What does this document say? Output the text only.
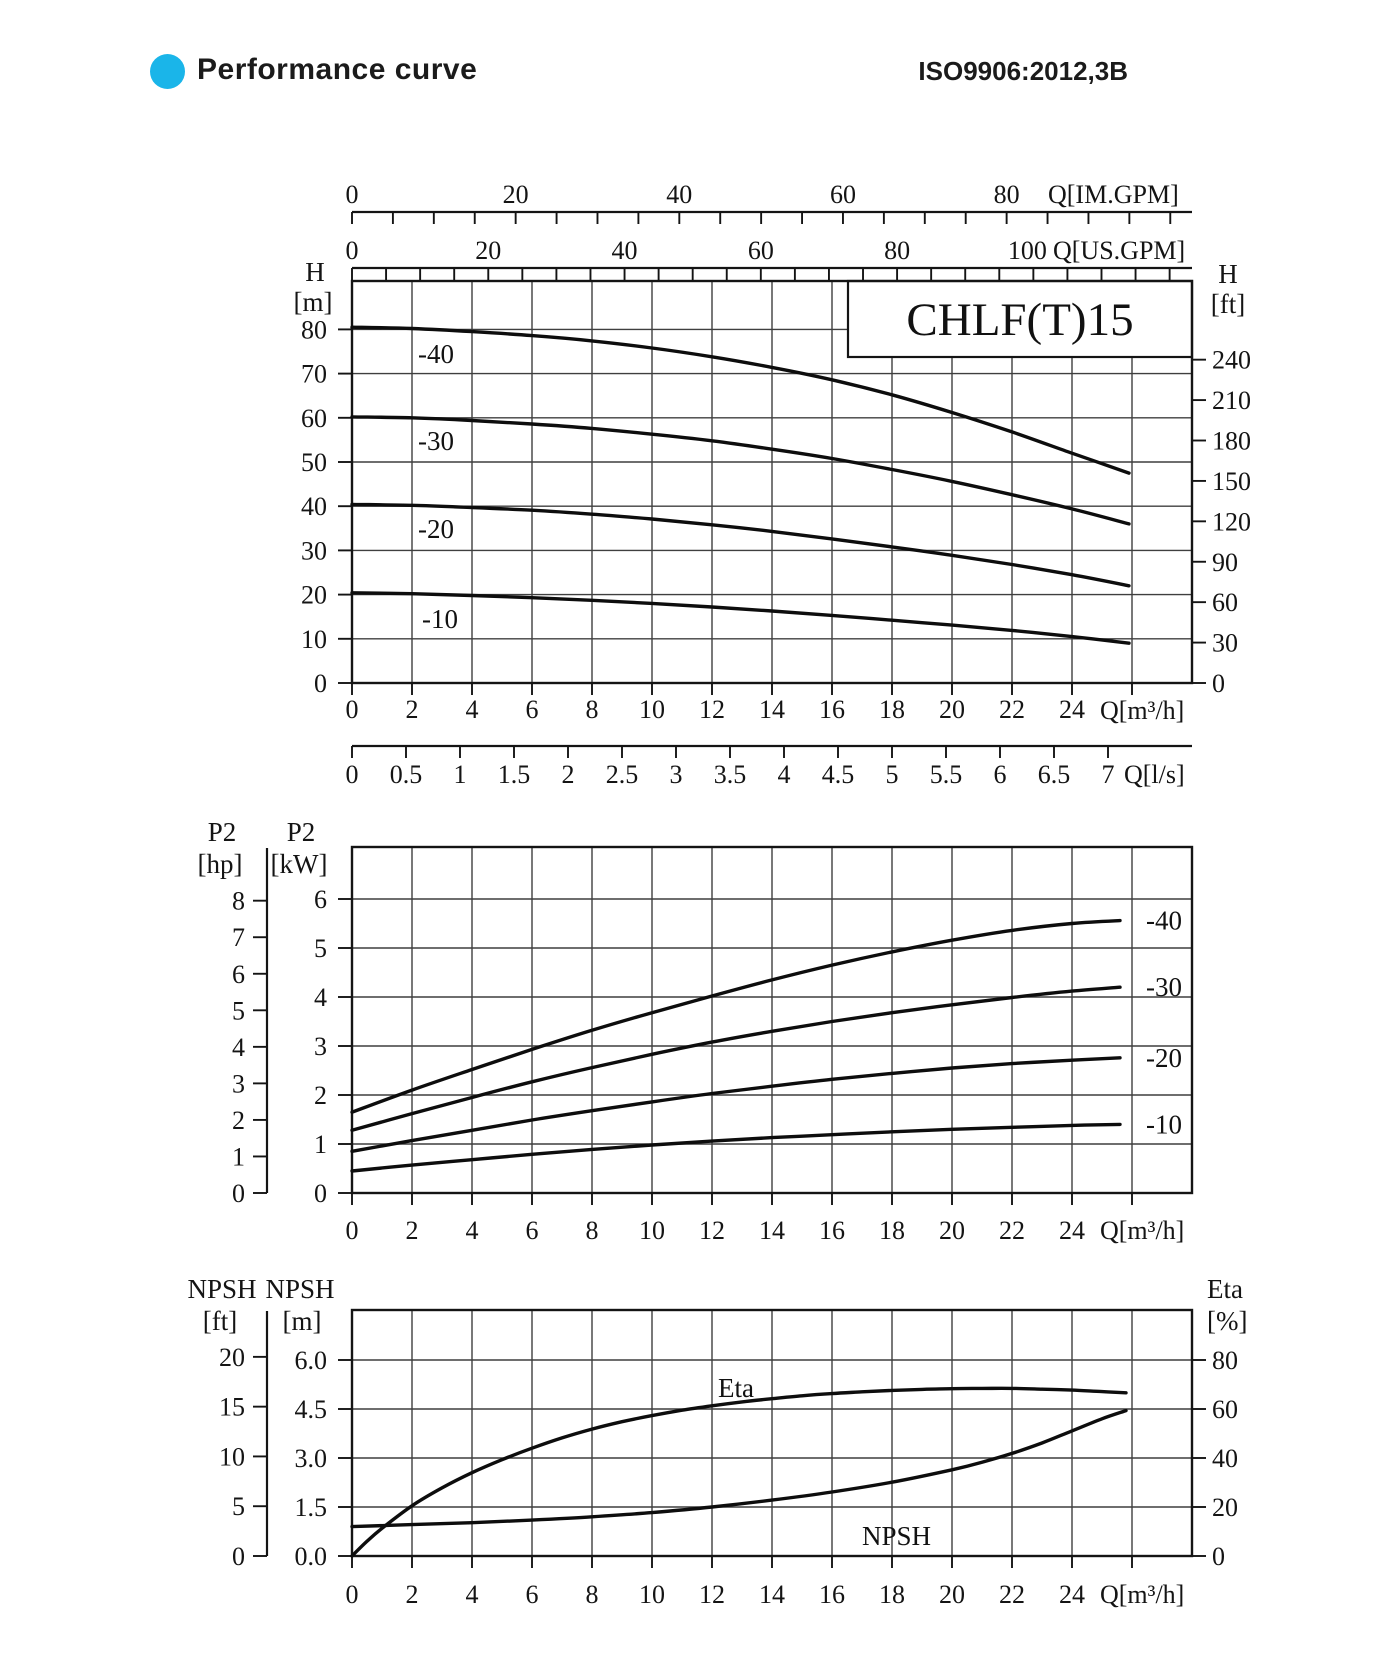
Performance curve	ISO9906:2012,3B
0
10
20
30
40
50
60
70
80
0
30
60
90
120
150
180
210
240
0 2 4 6 8 10 12 14 16 18 20 22 24
0	20	40	60	80
0	20	40	60	80	100
0 0.5 1 1.5 2 2.5 3 3.5 4 4.5 5 5.5 6 6.5 7
-40
-30
-20
-10
CHLF(T)15
Q[IM.GPM]
Q[US.GPM]
H
[m]
H
[ft]
Q[m³/h]
Q[l/s]
0
1
2
3
4
5
6
0
1
2
3
4
5
6
7
8
0 2 4 6 8 10 12 14 16 18 20 22 24
-40
-30
-20
-10
P2
[hp]
P2
[kW]
Q[m³/h]
0.0
1.5
3.0
4.5
6.0
0
5
10
15
20
0
20
40
60
80
0 2 4 6 8 10 12 14 16 18 20 22 24
Eta
NPSH
NPSH
[ft]
NPSH
[m]
Eta
[%]
Q[m³/h]
